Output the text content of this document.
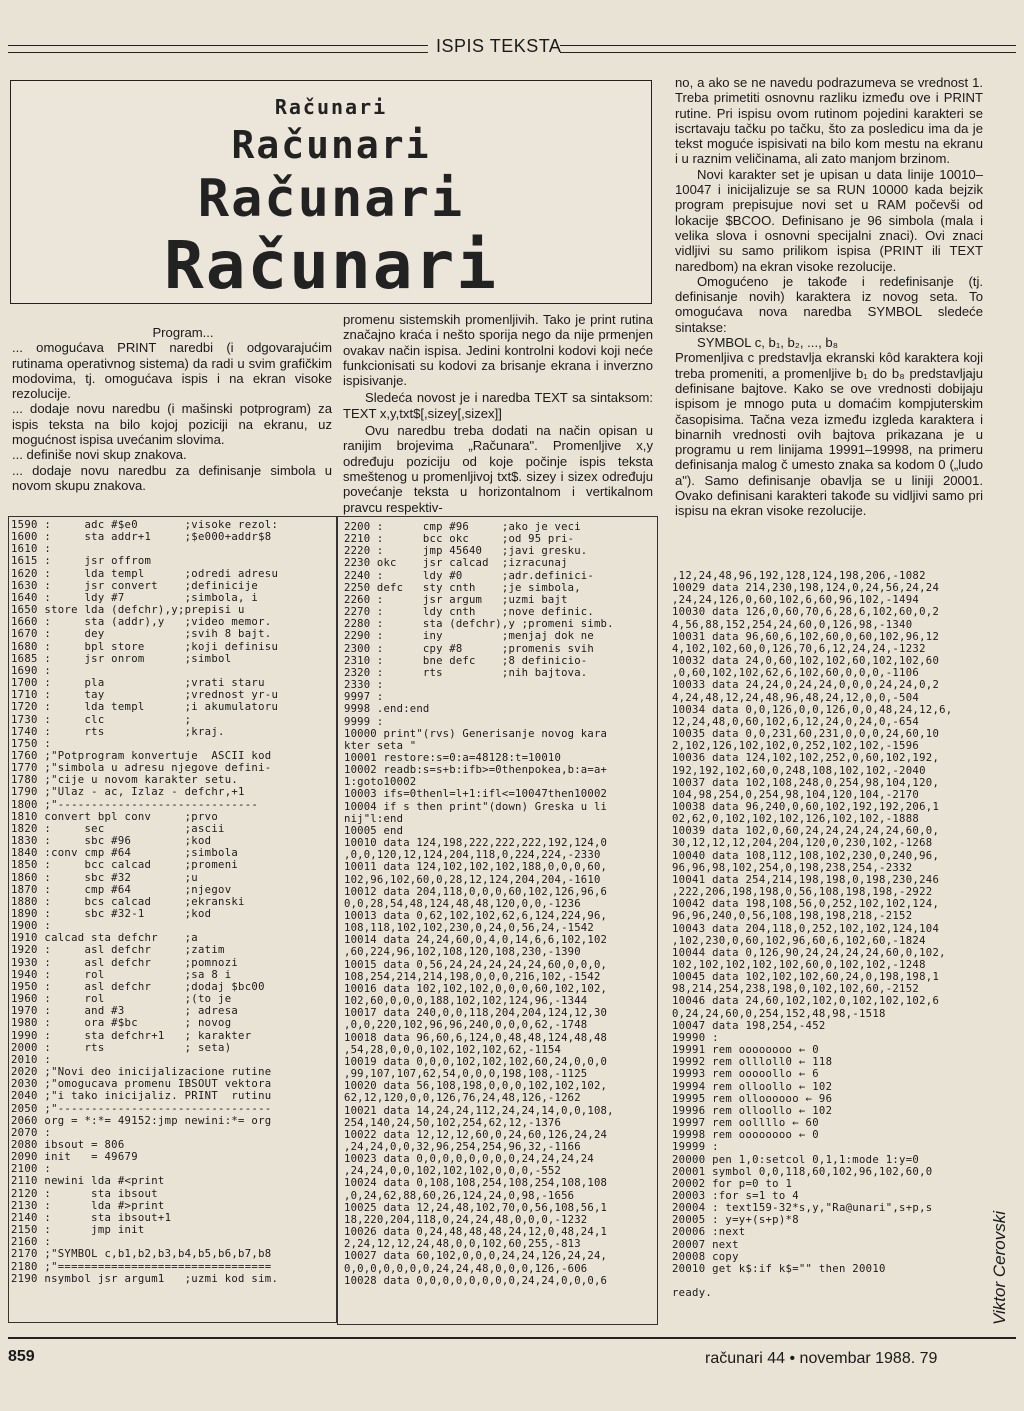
ISPIS TEKSTA
Računari
Računari
Računari
Računari

Program...

... omogućava PRINT naredbi (i odgovarajućim rutinama operativnog sistema) da radi u svim grafičkim modovima, tj. omogućava ispis i na ekran visoke rezolucije.

... dodaje novu naredbu (i mašinski potprogram) za ispis teksta na bilo kojoj poziciji na ekranu, uz mogućnost ispisa uvećanim slovima.

... definiše novi skup znakova.

... dodaje novu naredbu za definisanje simbola u novom skupu znakova.

promenu sistemskih promenljivih. Tako je print rutina značajno kraća i nešto sporija nego da nije prmenjen ovakav način ispisa. Jedini kontrolni kodovi koji neće funkcionisati su kodovi za brisanje ekrana i inverzno ispisivanje.

Sledeća novost je i naredba TEXT sa sintaksom: TEXT x,y,txt$[,sizey[,sizex]]

Ovu naredbu treba dodati na način opisan u ranijim brojevima „Računara". Promenljive x,y određuju poziciju od koje počinje ispis teksta smeštenog u promenljivoj txt$. sizey i sizex određuju povećanje teksta u horizontalnom i vertikalnom pravcu respektiv-

no, a ako se ne navedu podrazumeva se vrednost 1. Treba primetiti osnovnu razliku između ove i PRINT rutine. Pri ispisu ovom rutinom pojedini karakteri se iscrtavaju tačku po tačku, što za posledicu ima da je tekst moguće ispisivati na bilo kom mestu na ekranu i u raznim veličinama, ali zato manjom brzinom.

Novi karakter set je upisan u data linije 10010–10047 i inicijalizuje se sa RUN 10000 kada bejzik program prepisujue novi set u RAM počevši od lokacije $BCOO. Definisano je 96 simbola (mala i velika slova i osnovni specijalni znaci). Ovi znaci vidljivi su samo prilikom ispisa (PRINT ili TEXT naredbom) na ekran visoke rezolucije.

Omogućeno je takođe i redefinisanje (tj. definisanje novih) karaktera iz novog seta. To omogućava nova naredba SYMBOL sledeće sintakse:

SYMBOL c, b₁, b₂, ..., b₈

Promenljiva c predstavlja ekranski kôd karaktera koji treba promeniti, a promenljive b₁ do b₈ predstavljaju definisane bajtove. Kako se ove vrednosti dobijaju ispisom je mnogo puta u domaćim kompjuterskim časopisima. Tačna veza između izgleda karaktera i binarnih vrednosti ovih bajtova prikazana je u programu u rem linijama 19991–19998, na primeru definisanja malog č umesto znaka sa kodom 0 („ludo a"). Samo definisanje obavlja se u liniji 20001. Ovako definisani karakteri takođe su vidljivi samo pri ispisu na ekran visoke rezolucije.

1590 :     adc #$e0       ;visoke rezol:
1600 :     sta addr+1     ;$e000+addr$8
1610 :
1615 :     jsr offrom
1620 :     lda templ      ;odredi adresu
1630 :     jsr convert    ;definicije
1640 :     ldy #7         ;simbola, i
1650 store lda (defchr),y;prepisi u
1660 :     sta (addr),y   ;video memor.
1670 :     dey            ;svih 8 bajt.
1680 :     bpl store      ;koji definisu
1685 :     jsr onrom      ;simbol
1690 :
1700 :     pla            ;vrati staru
1710 :     tay            ;vrednost yr-u
1720 :     lda templ      ;i akumulatoru
1730 :     clc            ;
1740 :     rts            ;kraj.
1750 :
1760 ;"Potprogram konvertuje  ASCII kod
1770 ;"simbola u adresu njegove defini-
1780 ;"cije u novom karakter setu.
1790 ;"Ulaz - ac, Izlaz - defchr,+1
1800 ;"------------------------------
1810 convert bpl conv     ;prvo
1820 :     sec            ;ascii
1830 :     sbc #96        ;kod
1840 :conv cmp #64        ;simbola
1850 :     bcc calcad     ;promeni
1860 :     sbc #32        ;u
1870 :     cmp #64        ;njegov
1880 :     bcs calcad     ;ekranski
1890 :     sbc #32-1      ;kod
1900 :
1910 calcad sta defchr    ;a
1920 :     asl defchr     ;zatim
1930 :     asl defchr     ;pomnozi
1940 :     rol            ;sa 8 i
1950 :     asl defchr     ;dodaj $bc00
1960 :     rol            ;(to je
1970 :     and #3         ; adresa
1980 :     ora #$bc       ; novog
1990 :     sta defchr+1   ; karakter
2000 :     rts            ; seta)
2010 :
2020 ;"Novi deo inicijalizacione rutine
2030 ;"omogucava promenu IBSOUT vektora
2040 ;"i tako inicijaliz. PRINT  rutinu
2050 ;"--------------------------------
2060 org = *:*= 49152:jmp newini:*= org
2070 :
2080 ibsout = 806
2090 init   = 49679
2100 :
2110 newini lda #<print
2120 :      sta ibsout
2130 :      lda #>print
2140 :      sta ibsout+1
2150 :      jmp init
2160 :
2170 ;"SYMBOL c,b1,b2,b3,b4,b5,b6,b7,b8
2180 ;"================================
2190 nsymbol jsr argum1   ;uzmi kod sim.
2200 :      cmp #96     ;ako je veci
2210 :      bcc okc     ;od 95 pri-
2220 :      jmp 45640   ;javi gresku.
2230 okc    jsr calcad  ;izracunaj
2240 :      ldy #0      ;adr.definici-
2250 defc   sty cnth    ;je simbola,
2260 :      jsr argum   ;uzmi bajt
2270 :      ldy cnth    ;nove definic.
2280 :      sta (defchr),y ;promeni simb.
2290 :      iny         ;menjaj dok ne
2300 :      cpy #8      ;promenis svih
2310 :      bne defc    ;8 definicio-
2320 :      rts         ;nih bajtova.
2330 :
9997 :
9998 .end:end
9999 :
10000 print"(rvs) Generisanje novog kara
kter seta "
10001 restore:s=0:a=48128:t=10010
10002 readb:s=s+b:ifb>=0thenpokea,b:a=a+
1:goto10002
10003 ifs=0thenl=l+1:ifl<=10047then10002
10004 if s then print"(down) Greska u li
nij"l:end
10005 end
10010 data 124,198,222,222,222,192,124,0
,0,0,120,12,124,204,118,0,224,224,-2330
10011 data 124,102,102,102,188,0,0,0,60,
102,96,102,60,0,28,12,124,204,204,-1610
10012 data 204,118,0,0,0,60,102,126,96,6
0,0,28,54,48,124,48,48,120,0,0,-1236
10013 data 0,62,102,102,62,6,124,224,96,
108,118,102,102,230,0,24,0,56,24,-1542
10014 data 24,24,60,0,4,0,14,6,6,102,102
,60,224,96,102,108,120,108,230,-1390
10015 data 0,56,24,24,24,24,24,60,0,0,0,
108,254,214,214,198,0,0,0,216,102,-1542
10016 data 102,102,102,0,0,0,60,102,102,
102,60,0,0,0,188,102,102,124,96,-1344
10017 data 240,0,0,118,204,204,124,12,30
,0,0,220,102,96,96,240,0,0,0,62,-1748
10018 data 96,60,6,124,0,48,48,124,48,48
,54,28,0,0,0,102,102,102,62,-1154
10019 data 0,0,0,102,102,102,60,24,0,0,0
,99,107,107,62,54,0,0,0,198,108,-1125
10020 data 56,108,198,0,0,0,102,102,102,
62,12,120,0,0,126,76,24,48,126,-1262
10021 data 14,24,24,112,24,24,14,0,0,108,
254,140,24,50,102,254,62,12,-1376
10022 data 12,12,12,60,0,24,60,126,24,24
,24,24,0,0,32,96,254,254,96,32,-1166
10023 data 0,0,0,0,0,0,0,0,24,24,24,24
,24,24,0,0,102,102,102,0,0,0,-552
10024 data 0,108,108,254,108,254,108,108
,0,24,62,88,60,26,124,24,0,98,-1656
10025 data 12,24,48,102,70,0,56,108,56,1
18,220,204,118,0,24,24,48,0,0,0,-1232
10026 data 0,24,48,48,48,24,12,0,48,24,1
2,24,12,12,24,48,0,0,102,60,255,-813
10027 data 60,102,0,0,0,24,24,126,24,24,
0,0,0,0,0,0,0,24,24,48,0,0,0,126,-606
10028 data 0,0,0,0,0,0,0,0,24,24,0,0,0,6
,12,24,48,96,192,128,124,198,206,-1082
10029 data 214,230,198,124,0,24,56,24,24
,24,24,126,0,60,102,6,60,96,102,-1494
10030 data 126,0,60,70,6,28,6,102,60,0,2
4,56,88,152,254,24,60,0,126,98,-1340
10031 data 96,60,6,102,60,0,60,102,96,12
4,102,102,60,0,126,70,6,12,24,24,-1232
10032 data 24,0,60,102,102,60,102,102,60
,0,60,102,102,62,6,102,60,0,0,0,-1106
10033 data 24,24,0,24,24,0,0,0,24,24,0,2
4,24,48,12,24,48,96,48,24,12,0,0,-504
10034 data 0,0,126,0,0,126,0,0,48,24,12,6,
12,24,48,0,60,102,6,12,24,0,24,0,-654
10035 data 0,0,231,60,231,0,0,0,24,60,10
2,102,126,102,102,0,252,102,102,-1596
10036 data 124,102,102,252,0,60,102,192,
192,192,102,60,0,248,108,102,102,-2040
10037 data 102,108,248,0,254,98,104,120,
104,98,254,0,254,98,104,120,104,-2170
10038 data 96,240,0,60,102,192,192,206,1
02,62,0,102,102,102,126,102,102,-1888
10039 data 102,0,60,24,24,24,24,24,60,0,
30,12,12,12,204,204,120,0,230,102,-1268
10040 data 108,112,108,102,230,0,240,96,
96,96,98,102,254,0,198,238,254,-2332
10041 data 254,214,198,198,0,198,230,246
,222,206,198,198,0,56,108,198,198,-2922
10042 data 198,108,56,0,252,102,102,124,
96,96,240,0,56,108,198,198,218,-2152
10043 data 204,118,0,252,102,102,124,104
,102,230,0,60,102,96,60,6,102,60,-1824
10044 data 0,126,90,24,24,24,24,60,0,102,
102,102,102,102,102,60,0,102,102,-1248
10045 data 102,102,102,60,24,0,198,198,1
98,214,254,238,198,0,102,102,60,-2152
10046 data 24,60,102,102,0,102,102,102,6
0,24,24,60,0,254,152,48,98,-1518
10047 data 198,254,-452
19990 :
19991 rem oooooooo ← 0
19992 rem ollloll0 ← 118
19993 rem ooooollo ← 6
19994 rem olloollo ← 102
19995 rem olloooooo ← 96
19996 rem olloollo ← 102
19997 rem oollllo ← 60
19998 rem oooooooo ← 0
19999 :
20000 pen 1,0:setcol 0,1,1:mode 1:y=0
20001 symbol 0,0,118,60,102,96,102,60,0
20002 for p=0 to 1
20003 :for s=1 to 4
20004 : text159-32*s,y,"Ra@unari",s+p,s
20005 : y=y+(s+p)*8
20006 :next
20007 next
20008 copy
20010 get k$:if k$="" then 20010

ready.
859	računari 44 • novembar 1988. 79
Viktor Cerovski
